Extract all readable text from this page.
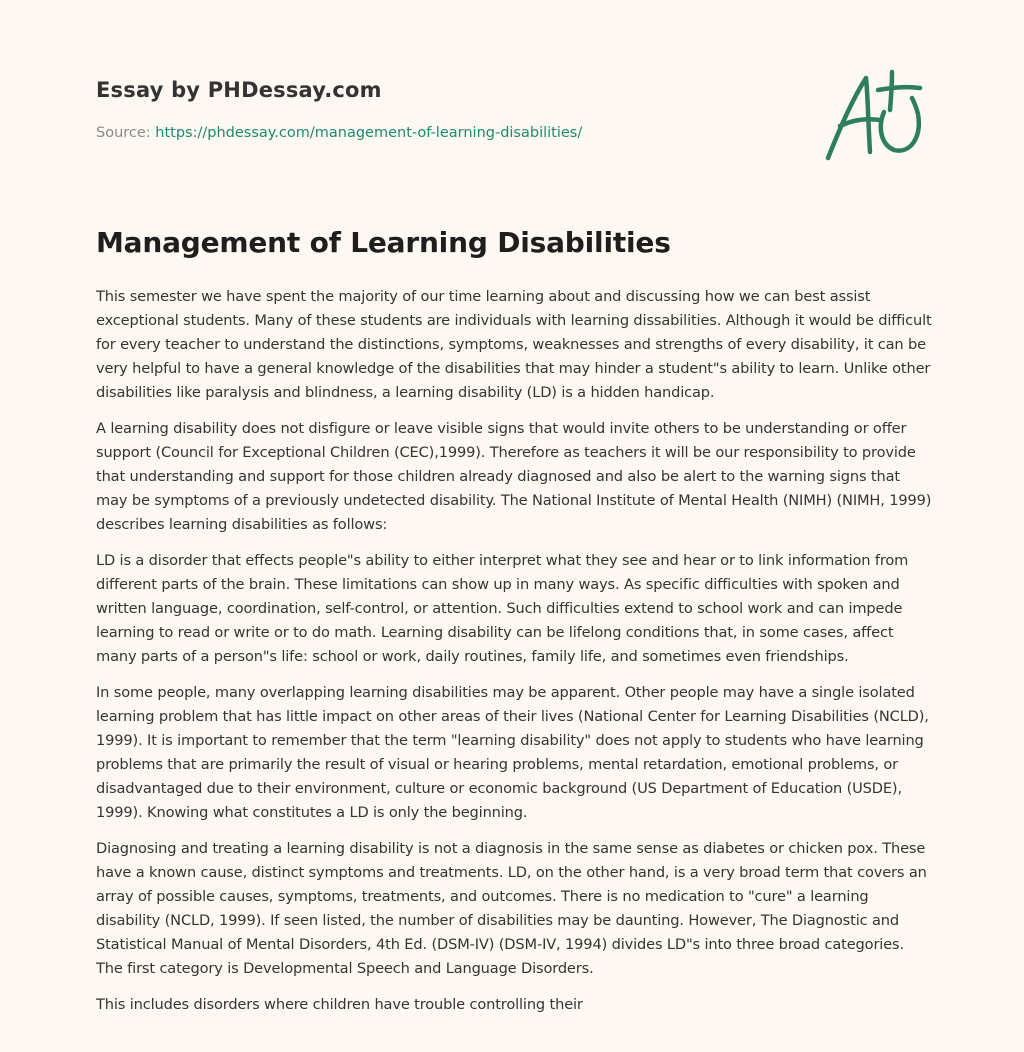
Essay by PHDessay.com
Source: https://phdessay.com/management-of-learning-disabilities/
Management of Learning Disabilities

This semester we have spent the majority of our time learning about and discussing how we can best assist exceptional students. Many of these students are individuals with learning dissabilities. Although it would be difficult for every teacher to understand the distinctions, symptoms, weaknesses and strengths of every disability, it can be very helpful to have a general knowledge of the disabilities that may hinder a student"s ability to learn. Unlike other disabilities like paralysis and blindness, a learning disability (LD) is a hidden handicap.

A learning disability does not disfigure or leave visible signs that would invite others to be understanding or offer support (Council for Exceptional Children (CEC),1999). Therefore as teachers it will be our responsibility to provide that understanding and support for those children already diagnosed and also be alert to the warning signs that may be symptoms of a previously undetected disability. The National Institute of Mental Health (NIMH) (NIMH, 1999) describes learning disabilities as follows:

LD is a disorder that effects people"s ability to either interpret what they see and hear or to link information from different parts of the brain. These limitations can show up in many ways. As specific difficulties with spoken and written language, coordination, self-control, or attention. Such difficulties extend to school work and can impede learning to read or write or to do math. Learning disability can be lifelong conditions that, in some cases, affect many parts of a person"s life: school or work, daily routines, family life, and sometimes even friendships.

In some people, many overlapping learning disabilities may be apparent. Other people may have a single isolated learning problem that has little impact on other areas of their lives (National Center for Learning Disabilities (NCLD), 1999). It is important to remember that the term "learning disability" does not apply to students who have learning problems that are primarily the result of visual or hearing problems, mental retardation, emotional problems, or disadvantaged due to their environment, culture or economic background (US Department of Education (USDE), 1999). Knowing what constitutes a LD is only the beginning.

Diagnosing and treating a learning disability is not a diagnosis in the same sense as diabetes or chicken pox. These have a known cause, distinct symptoms and treatments. LD, on the other hand, is a very broad term that covers an array of possible causes, symptoms, treatments, and outcomes. There is no medication to "cure" a learning disability (NCLD, 1999). If seen listed, the number of disabilities may be daunting. However, The Diagnostic and Statistical Manual of Mental Disorders, 4th Ed. (DSM-IV) (DSM-IV, 1994) divides LD"s into three broad categories. The first category is Developmental Speech and Language Disorders.

This includes disorders where children have trouble controlling their
